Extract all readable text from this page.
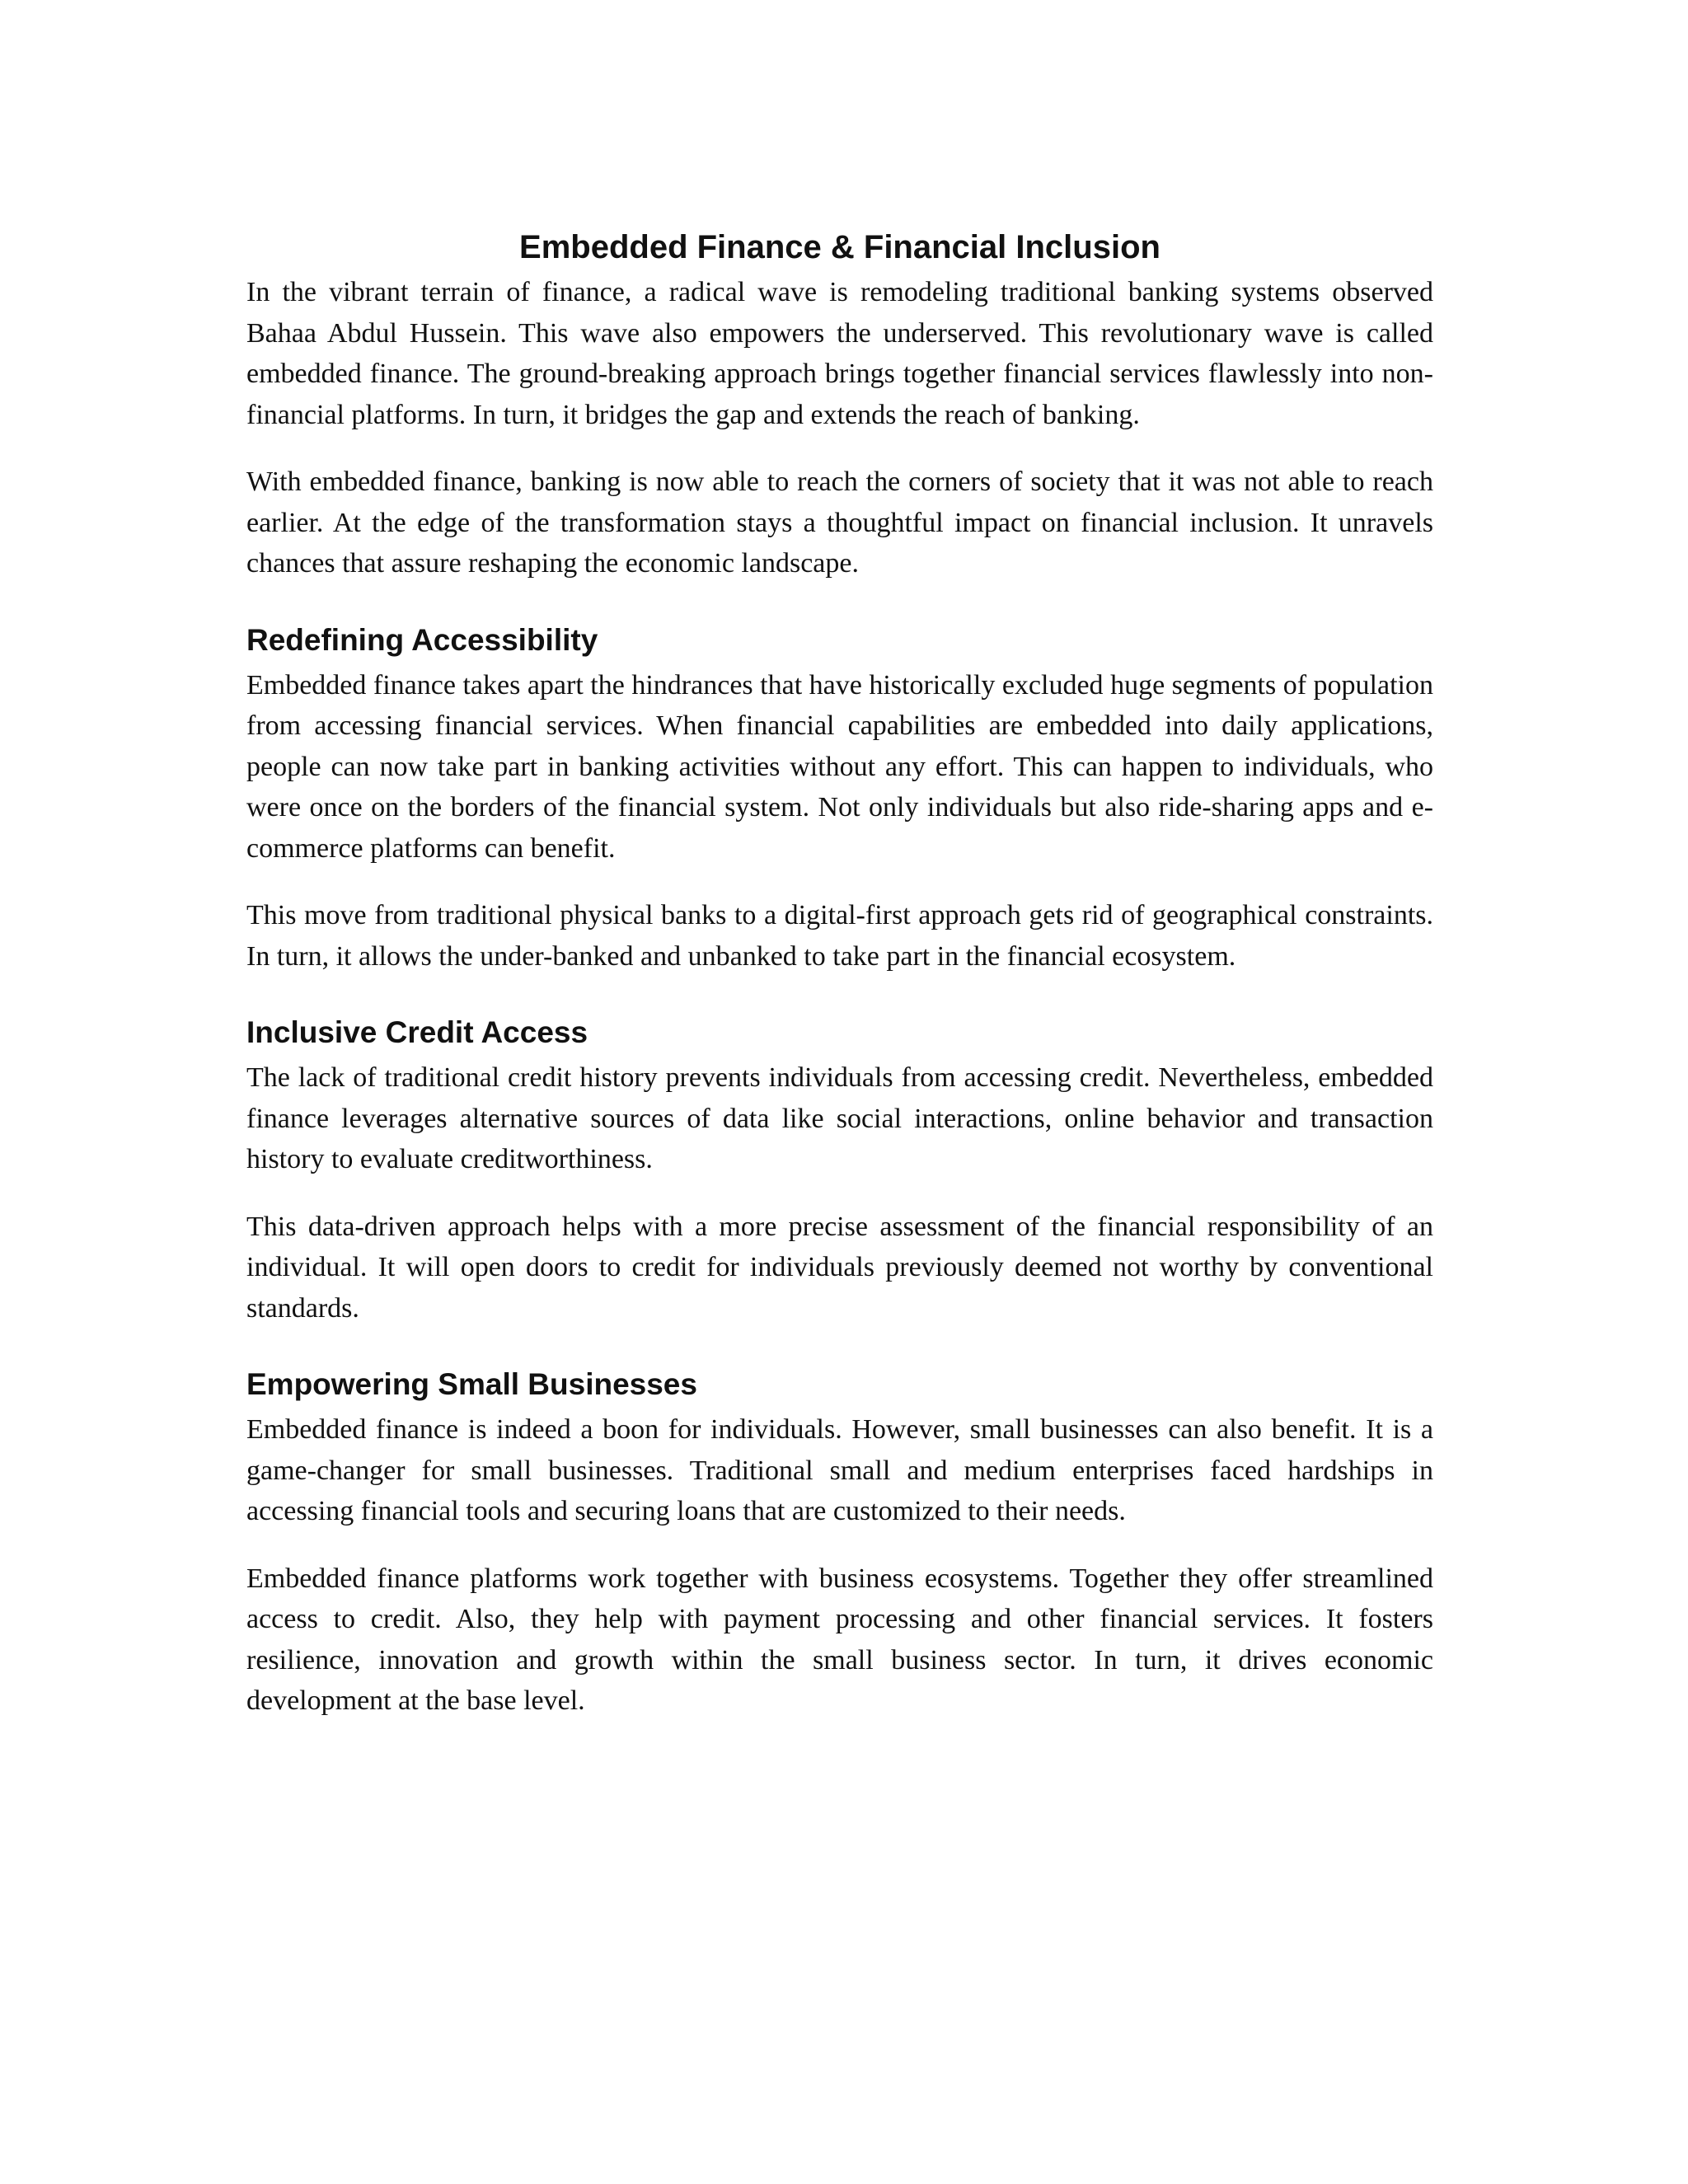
Embedded Finance & Financial Inclusion

In the vibrant terrain of finance, a radical wave is remodeling traditional banking systems observed Bahaa Abdul Hussein. This wave also empowers the underserved. This revolutionary wave is called embedded finance. The ground-breaking approach brings together financial services flawlessly into non-financial platforms. In turn, it bridges the gap and extends the reach of banking.

With embedded finance, banking is now able to reach the corners of society that it was not able to reach earlier. At the edge of the transformation stays a thoughtful impact on financial inclusion. It unravels chances that assure reshaping the economic landscape.

Redefining Accessibility

Embedded finance takes apart the hindrances that have historically excluded huge segments of population from accessing financial services. When financial capabilities are embedded into daily applications, people can now take part in banking activities without any effort. This can happen to individuals, who were once on the borders of the financial system. Not only individuals but also ride-sharing apps and e-commerce platforms can benefit.

This move from traditional physical banks to a digital-first approach gets rid of geographical constraints. In turn, it allows the under-banked and unbanked to take part in the financial ecosystem.

Inclusive Credit Access

The lack of traditional credit history prevents individuals from accessing credit. Nevertheless, embedded finance leverages alternative sources of data like social interactions, online behavior and transaction history to evaluate creditworthiness.

This data-driven approach helps with a more precise assessment of the financial responsibility of an individual. It will open doors to credit for individuals previously deemed not worthy by conventional standards.

Empowering Small Businesses

Embedded finance is indeed a boon for individuals. However, small businesses can also benefit. It is a game-changer for small businesses. Traditional small and medium enterprises faced hardships in accessing financial tools and securing loans that are customized to their needs.

Embedded finance platforms work together with business ecosystems. Together they offer streamlined access to credit. Also, they help with payment processing and other financial services. It fosters resilience, innovation and growth within the small business sector. In turn, it drives economic development at the base level.
